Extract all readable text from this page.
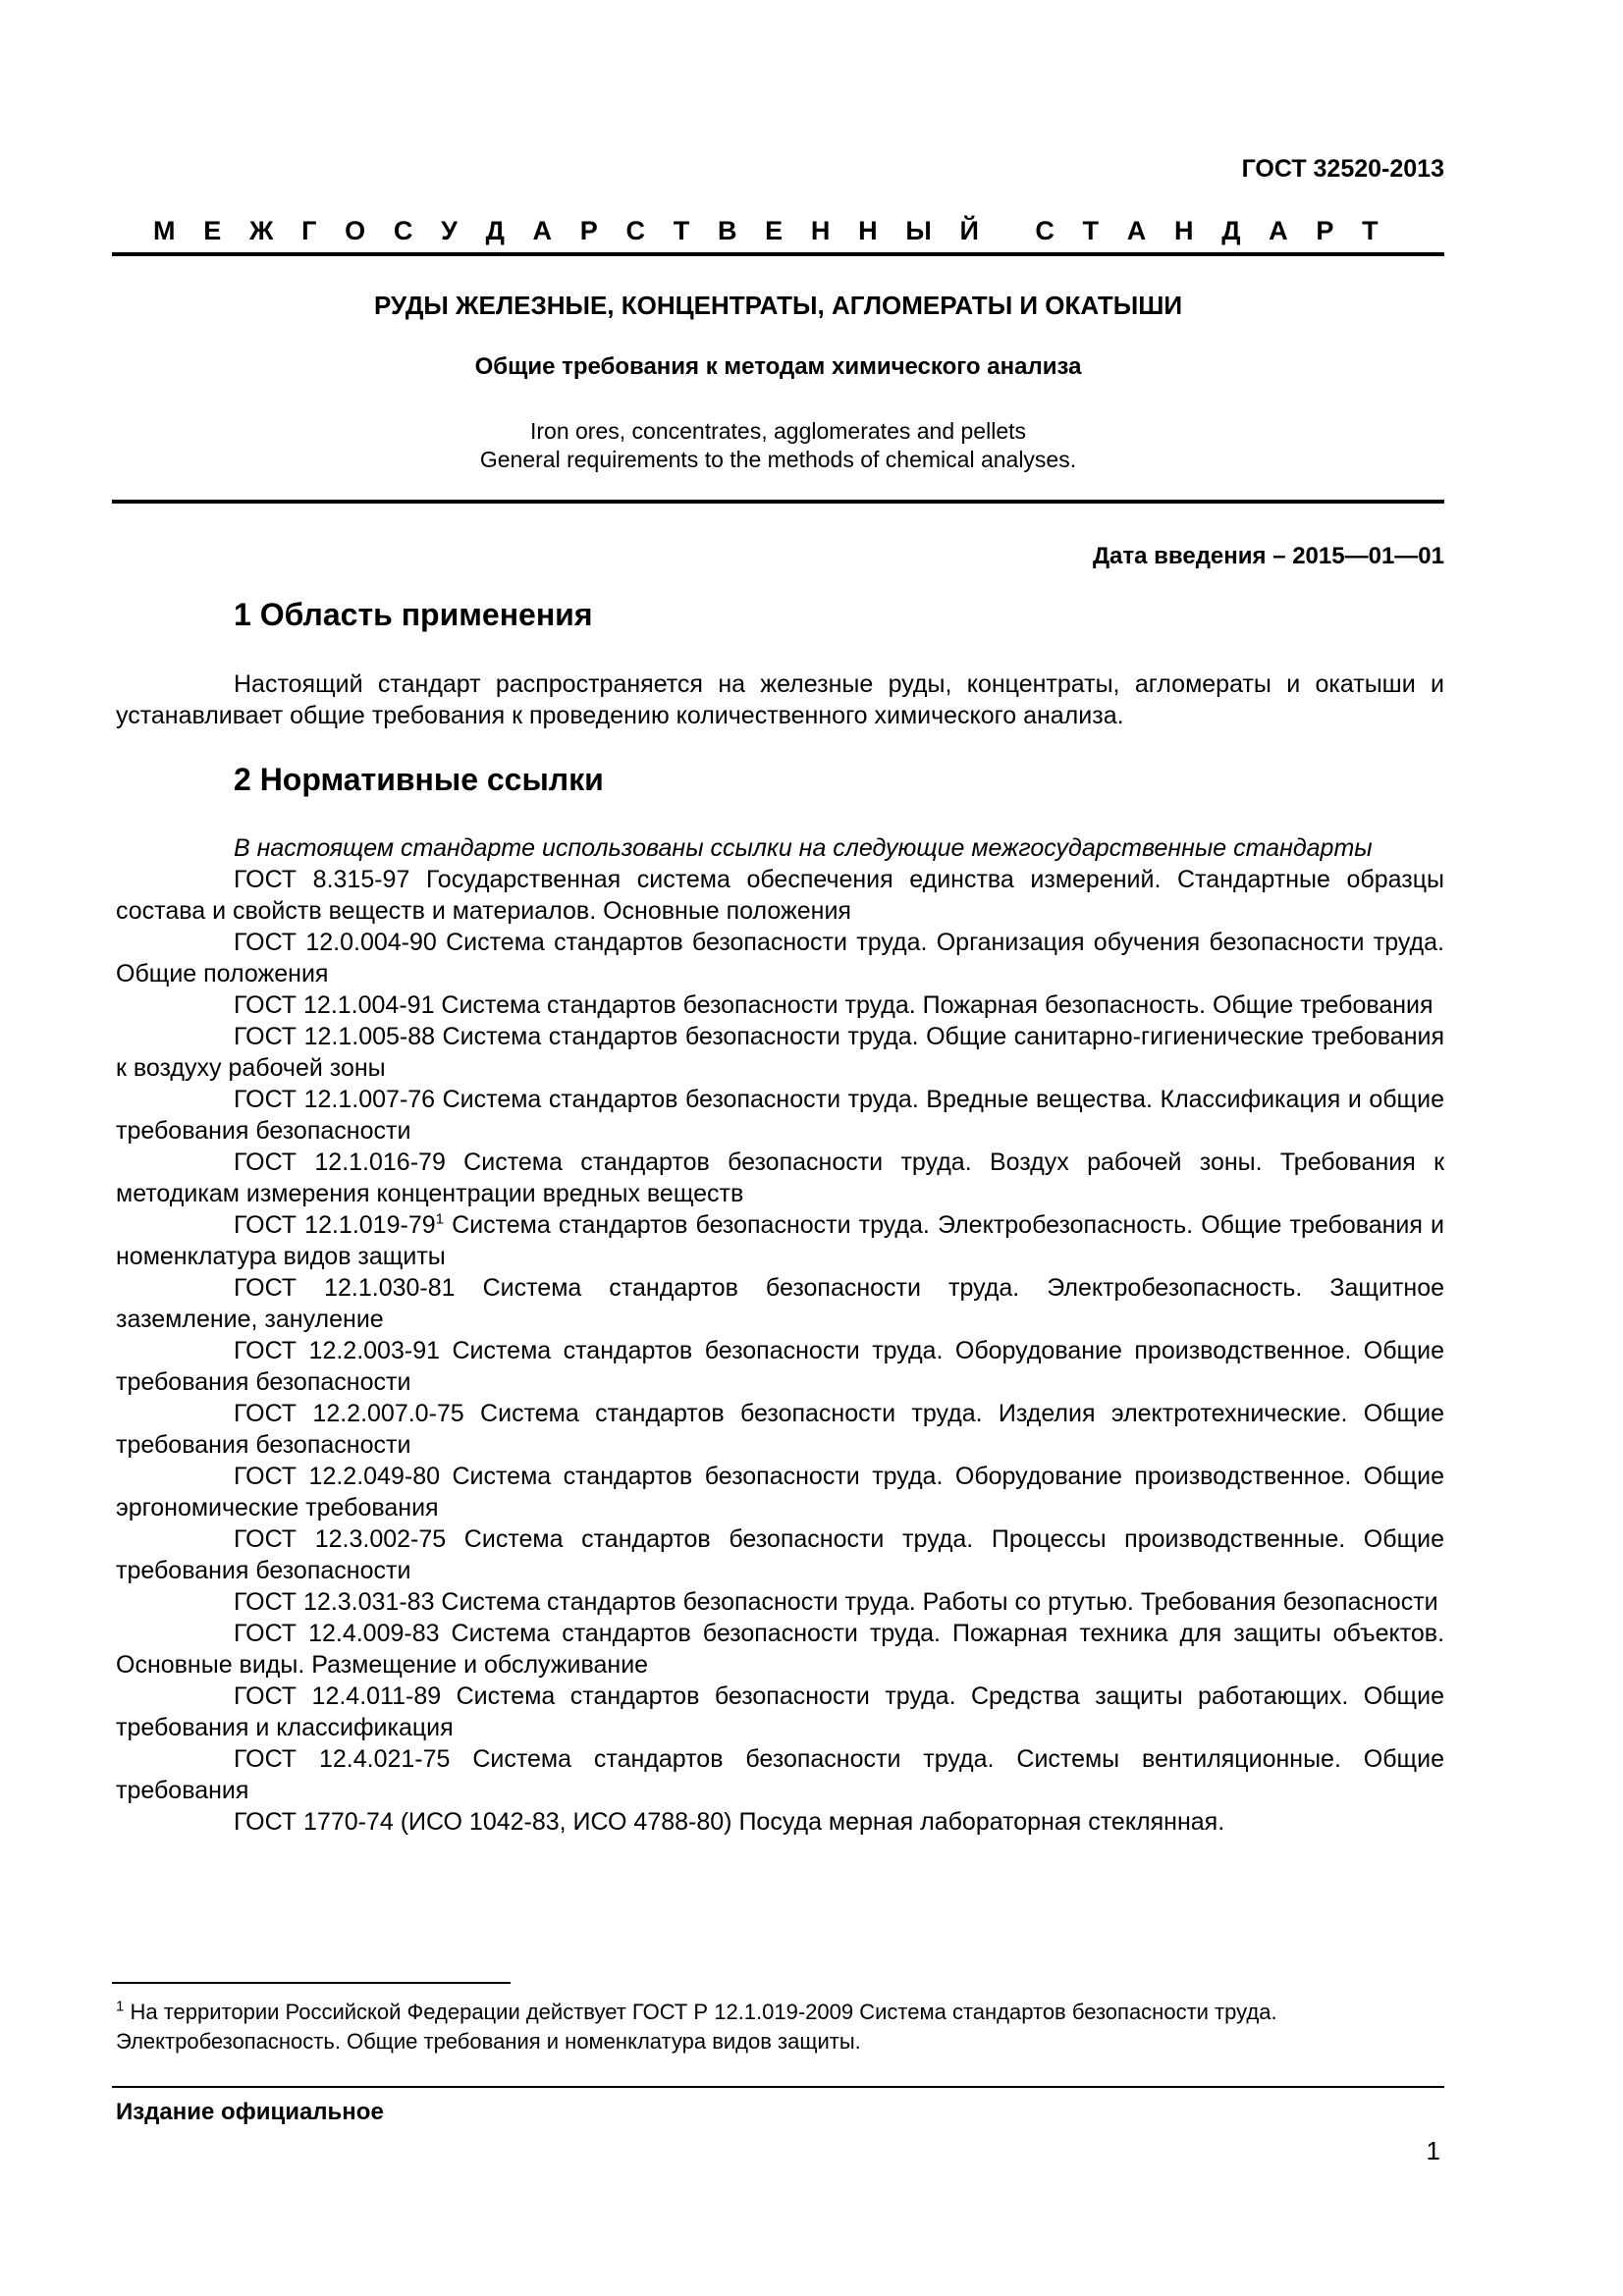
ГОСТ 32520-2013
М Е Ж Г О С У Д А Р С Т В Е Н Н Ы Й С Т А Н Д А Р Т
РУДЫ ЖЕЛЕЗНЫЕ, КОНЦЕНТРАТЫ, АГЛОМЕРАТЫ И ОКАТЫШИ
Общие требования к методам химического анализа
Iron ores, concentrates, agglomerates and pellets
General requirements to the methods of chemical analyses.
Дата введения – 2015—01—01
1 Область применения
Настоящий стандарт распространяется на железные руды, концентраты, агломераты и окатыши и устанавливает общие требования к проведению количественного химического анализа.
2 Нормативные ссылки

В настоящем стандарте использованы ссылки на следующие межгосударственные стандарты

ГОСТ 8.315-97 Государственная система обеспечения единства измерений. Стандартные образцы состава и свойств веществ и материалов. Основные положения

ГОСТ 12.0.004-90 Система стандартов безопасности труда. Организация обучения безопасности труда. Общие положения

ГОСТ 12.1.004-91 Система стандартов безопасности труда. Пожарная безопасность. Общие требования

ГОСТ 12.1.005-88 Система стандартов безопасности труда. Общие санитарно-гигиенические требования к воздуху рабочей зоны

ГОСТ 12.1.007-76 Система стандартов безопасности труда. Вредные вещества. Классификация и общие требования безопасности

ГОСТ 12.1.016-79 Система стандартов безопасности труда. Воздух рабочей зоны. Требования к методикам измерения концентрации вредных веществ

ГОСТ $12.1.019-79^1$ Система стандартов безопасности труда. Электробезопасность. Общие требования и номенклатура видов защиты

ГОСТ 12.1.030-81 Система стандартов безопасности труда. Электробезопасность. Защитное заземление, зануление

ГОСТ 12.2.003-91 Система стандартов безопасности труда. Оборудование производственное. Общие требования безопасности

ГОСТ 12.2.007.0-75 Система стандартов безопасности труда. Изделия электротехнические. Общие требования безопасности

ГОСТ 12.2.049-80 Система стандартов безопасности труда. Оборудование производственное. Общие эргономические требования

ГОСТ 12.3.002-75 Система стандартов безопасности труда. Процессы производственные. Общие требования безопасности

ГОСТ 12.3.031-83 Система стандартов безопасности труда. Работы со ртутью. Требования безопасности

ГОСТ 12.4.009-83 Система стандартов безопасности труда. Пожарная техника для защиты объектов. Основные виды. Размещение и обслуживание

ГОСТ 12.4.011-89 Система стандартов безопасности труда. Средства защиты работающих. Общие требования и классификация

ГОСТ 12.4.021-75 Система стандартов безопасности труда. Системы вентиляционные. Общие требования

ГОСТ 1770-74 (ИСО 1042-83, ИСО 4788-80) Посуда мерная лабораторная стеклянная.

$^1$ На территории Российской Федерации действует ГОСТ Р 12.1.019-2009 Система стандартов безопасности труда. Электробезопасность. Общие требования и номенклатура видов защиты.
Издание официальное
1
